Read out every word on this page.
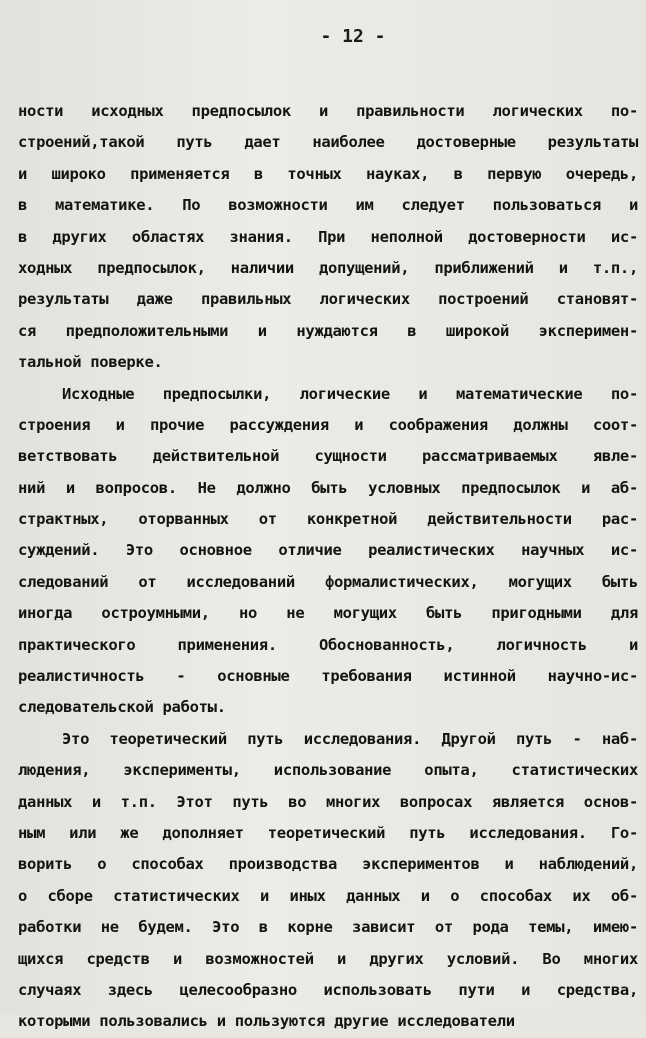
- 12 -
ности исходных предпосылок и правильности логических по-
строений,такой путь дает наиболее достоверные результаты
и широко применяется в точных науках, в первую очередь,
в математике. По возможности им следует пользоваться и
в других областях знания. При неполной достоверности ис-
ходных предпосылок, наличии допущений, приближений и т.п.,
результаты даже правильных логических построений становят-
ся предположительными и нуждаются в широкой эксперимен-
тальной поверке.
Исходные предпосылки, логические и математические по-
строения и прочие рассуждения и соображения должны соот-
ветствовать действительной сущности рассматриваемых явле-
ний и вопросов. Не должно быть условных предпосылок и аб-
страктных, оторванных от конкретной действительности рас-
суждений. Это основное отличие реалистических научных ис-
следований от исследований формалистических, могущих быть
иногда остроумными, но не могущих быть пригодными для
практического применения. Обоснованность, логичность и
реалистичность - основные требования истинной научно-ис-
следовательской работы.
Это теоретический путь исследования. Другой путь - наб-
людения, эксперименты, использование опыта, статистических
данных и т.п. Этот путь во многих вопросах является основ-
ным или же дополняет теоретический путь исследования. Го-
ворить о способах производства экспериментов и наблюдений,
о сборе статистических и иных данных и о способах их об-
работки не будем. Это в корне зависит от рода темы, имею-
щихся средств и возможностей и других условий. Во многих
случаях здесь целесообразно использовать пути и средства,
которыми пользовались и пользуются другие исследователи
